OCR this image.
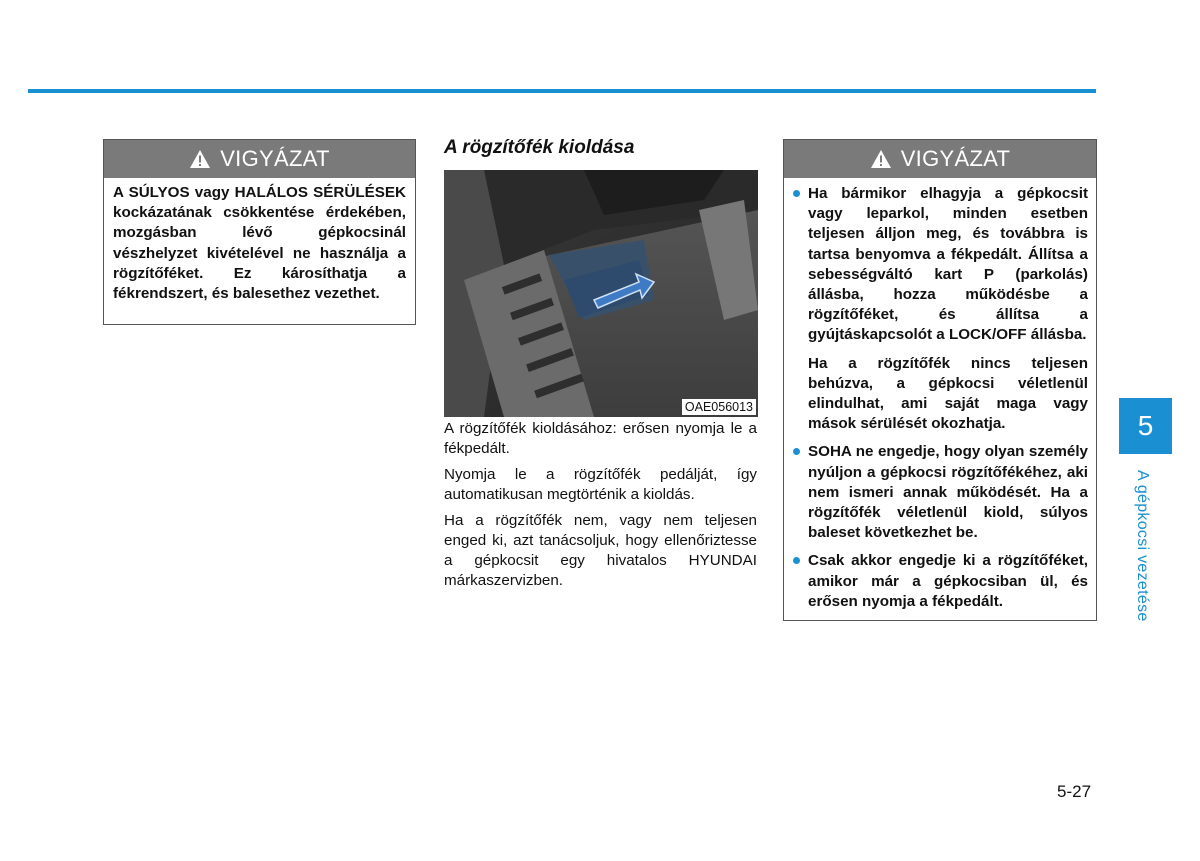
VIGYÁZAT
A SÚLYOS vagy HALÁLOS SÉRÜLÉSEK kockázatának csökkentése érdekében, mozgásban lévő gépkocsinál vészhelyzet kivételével ne használja a rögzítőféket. Ez károsíthatja a fékrendszert, és balesethez vezethet.
A rögzítőfék kioldása
OAE056013

A rögzítőfék kioldásához: erősen nyomja le a fékpedált.

Nyomja le a rögzítőfék pedálját, így automatikusan megtörténik a kioldás.

Ha a rögzítőfék nem, vagy nem teljesen enged ki, azt tanácsoljuk, hogy ellenőriztesse a gépkocsit egy hivatalos HYUNDAI márkaszervizben.

VIGYÁZAT

Ha bármikor elhagyja a gépkocsit vagy leparkol, minden esetben teljesen álljon meg, és továbbra is tartsa benyomva a fékpedált. Állítsa a sebességváltó kart P (parkolás) állásba, hozza működésbe a rögzítőféket, és állítsa a gyújtáskapcsolót a LOCK/OFF állásba.

Ha a rögzítőfék nincs teljesen behúzva, a gépkocsi véletlenül elindulhat, ami saját maga vagy mások sérülését okozhatja.

SOHA ne engedje, hogy olyan személy nyúljon a gépkocsi rögzítőfékéhez, aki nem ismeri annak működését. Ha a rögzítőfék véletlenül kiold, súlyos baleset következhet be.

Csak akkor engedje ki a rögzítőféket, amikor már a gépkocsiban ül, és erősen nyomja a fékpedált.

5
A gépkocsi vezetése
5-27
